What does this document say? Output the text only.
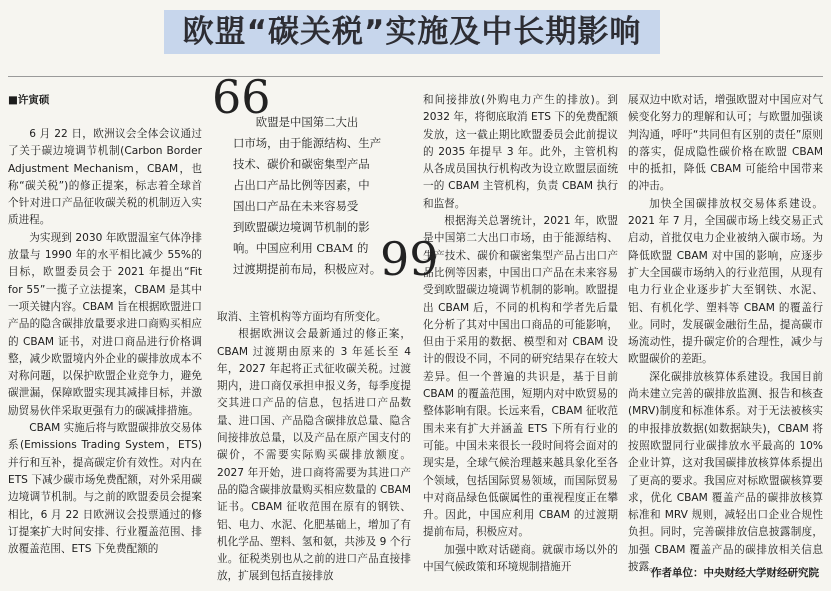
欧盟“碳关税”实施及中长期影响
■许寅硕

6 月 22 日，欧洲议会全体会议通过了关于碳边境调节机制(Carbon Border Adjustment Mechanism，CBAM，也称“碳关税”)的修正提案，标志着全球首个针对进口产品征收碳关税的机制迈入实质进程。

为实现到 2030 年欧盟温室气体净排放量与 1990 年的水平相比减少 55%的目标，欧盟委员会于 2021 年提出“Fit for 55”一揽子立法提案，CBAM 是其中一项关键内容。CBAM 旨在根据欧盟进口产品的隐含碳排放量要求进口商购买相应的 CBAM 证书，对进口商品进行价格调整，减少欧盟境内外企业的碳排放成本不对称问题，以保护欧盟企业竞争力，避免碳泄漏，保障欧盟实现其减排目标，并激励贸易伙伴采取更强有力的碳减排措施。

CBAM 实施后将与欧盟碳排放交易体系(Emissions Trading System，ETS)并行和互补，提高碳定价有效性。对内在 ETS 下减少碳市场免费配额，对外采用碳边境调节机制。与之前的欧盟委员会提案相比，6 月 22 日欧洲议会投票通过的修订提案扩大时间安排、行业覆盖范围、排放覆盖范围、ETS 下免费配额的

66
欧盟是中国第二大出
口市场，由于能源结构、生产
技术、碳价和碳密集型产品
占出口产品比例等因素，中
国出口产品在未来容易受
到欧盟碳边境调节机制的影
响。中国应利用 CBAM 的
过渡期提前布局，积极应对。
99

取消、主管机构等方面均有所变化。

根据欧洲议会最新通过的修正案，CBAM 过渡期由原来的 3 年延长至 4 年，2027 年起将正式征收碳关税。过渡期内，进口商仅承担申报义务，每季度提交其进口产品的信息，包括进口产品数量、进口国、产品隐含碳排放总量、隐含间接排放总量，以及产品在原产国支付的碳价，不需要实际购买碳排放额度。2027 年开始，进口商将需要为其进口产品的隐含碳排放量购买相应数量的 CBAM 证书。CBAM 征收范围在原有的钢铁、铝、电力、水泥、化肥基础上，增加了有机化学品、塑料、氢和氨，共涉及 9 个行业。征税类别也从之前的进口产品直接排放，扩展到包括直接排放

和间接排放(外购电力产生的排放)。到 2032 年，将彻底取消 ETS 下的免费配额发放，这一截止期比欧盟委员会此前提议的 2035 年提早 3 年。此外，主管机构从各成员国执行机构改为设立欧盟层面统一的 CBAM 主管机构，负责 CBAM 执行和监督。

根据海关总署统计，2021 年，欧盟是中国第二大出口市场，由于能源结构、生产技术、碳价和碳密集型产品占出口产品比例等因素，中国出口产品在未来容易受到欧盟碳边境调节机制的影响。欧盟提出 CBAM 后，不同的机构和学者先后量化分析了其对中国出口商品的可能影响，但由于采用的数据、模型和对 CBAM 设计的假设不同，不同的研究结果存在较大差异。但一个普遍的共识是，基于目前 CBAM 的覆盖范围，短期内对中欧贸易的整体影响有限。长远来看，CBAM 征收范围未来有扩大并涵盖 ETS 下所有行业的可能。中国未来很长一段时间将会面对的现实是，全球气候治理越来越具象化至各个领域，包括国际贸易领域，而国际贸易中对商品绿色低碳属性的重视程度正在攀升。因此，中国应利用 CBAM 的过渡期提前布局，积极应对。

加强中欧对话磋商。就碳市场以外的中国气候政策和环境规制措施开

展双边中欧对话，增强欧盟对中国应对气候变化努力的理解和认可；与欧盟加强谈判沟通，呼吁“共同但有区别的责任”原则的落实，促成隐性碳价格在欧盟 CBAM 中的抵扣，降低 CBAM 可能给中国带来的冲击。

加快全国碳排放权交易体系建设。2021 年 7 月，全国碳市场上线交易正式启动，首批仅电力企业被纳入碳市场。为降低欧盟 CBAM 对中国的影响，应逐步扩大全国碳市场纳入的行业范围，从现有电力行业企业逐步扩大至钢铁、水泥、铝、有机化学、塑料等 CBAM 的覆盖行业。同时，发展碳金融衍生品，提高碳市场流动性，提升碳定价的合理性，减少与欧盟碳价的差距。

深化碳排放核算体系建设。我国目前尚未建立完善的碳排放监测、报告和核查(MRV)制度和标准体系。对于无法被核实的申报排放数据(如数据缺失)，CBAM 将按照欧盟同行业碳排放水平最高的 10% 企业计算，这对我国碳排放核算体系提出了更高的要求。我国应对标欧盟碳核算要求，优化 CBAM 覆盖产品的碳排放核算标准和 MRV 规则，减轻出口企业合规性负担。同时，完善碳排放信息披露制度，加强 CBAM 覆盖产品的碳排放相关信息披露。

作者单位：中央财经大学财经研究院
